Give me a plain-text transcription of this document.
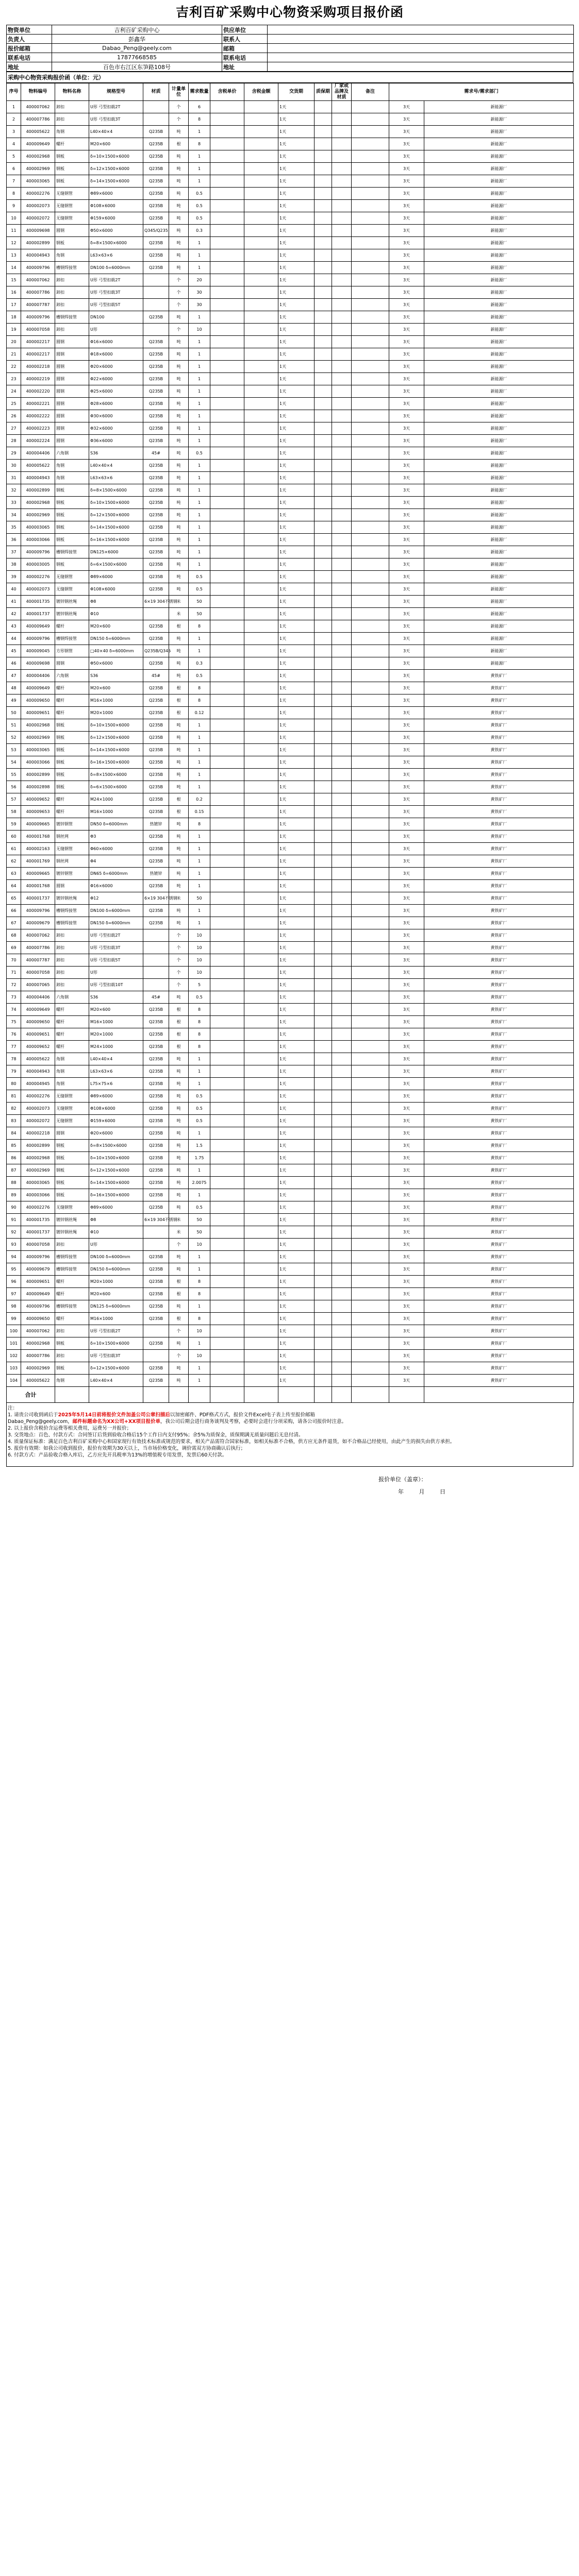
吉利百矿采购中心物资采购项目报价函
物资单位	吉利百矿采购中心	供应单位	
负责人	彭鑫华	联系人	
报价邮箱	Dabao_Peng@geely.com	邮箱	
联系电话	17877668585	联系电话	
地址	百色市右江区东笋路108号	地址	
采购中心物资采购报价函（单位：元）
序号	物料编号	物料名称	规格型号	材质	计量单位	需求数量	含税单价	含税金额	交货期	质保期	厂家或品牌及材质	备注	需求号/需求部门	
1	400007062	卸扣	U形 弓型扣载2T		个	6			1天				3天	新能源厂
2	400007786	卸扣	U形 弓型扣载3T		个	8			1天				3天	新能源厂
3	400005622	角钢	L40×40×4	Q235B	吨	1			1天				3天	新能源厂
4	400009649	螺杆	M20×600	Q235B	根	8			1天				3天	新能源厂
5	400002968	钢板	δ=10×1500×6000	Q235B	吨	1			1天				3天	新能源厂
6	400002969	钢板	δ=12×1500×6000	Q235B	吨	1			1天				3天	新能源厂
7	400003065	钢板	δ=14×1500×6000	Q235B	吨	1			1天				3天	新能源厂
8	400002276	无缝钢管	Φ89×6000	Q235B	吨	0.5			1天				3天	新能源厂
9	400002073	无缝钢管	Φ108×6000	Q235B	吨	0.5			1天				3天	新能源厂
10	400002072	无缝钢管	Φ159×6000	Q235B	吨	0.5			1天				3天	新能源厂
11	400009698	圆钢	Φ50×6000	Q345/Q235	吨	0.3			1天				3天	新能源厂
12	400002899	钢板	δ=8×1500×6000	Q235B	吨	1			1天				3天	新能源厂
13	400004943	角钢	L63×63×6	Q235B	吨	1			1天				3天	新能源厂
14	400009796	槽钢焊接管	DN100 δ=6000mm	Q235B	吨	1			1天				3天	新能源厂
15	400007062	卸扣	U形 弓型扣载2T		个	20			1天				3天	新能源厂
16	400007786	卸扣	U形 弓型扣载3T		个	30			1天				3天	新能源厂
17	400007787	卸扣	U形 弓型扣载5T		个	30			1天				3天	新能源厂
18	400009796	槽钢焊接管	DN100	Q235B	吨	1			1天				3天	新能源厂
19	400007058	卸扣	U形		个	10			1天				3天	新能源厂
20	400002217	圆钢	Φ16×6000	Q235B	吨	1			1天				3天	新能源厂
21	400002217	圆钢	Φ18×6000	Q235B	吨	1			1天				3天	新能源厂
22	400002218	圆钢	Φ20×6000	Q235B	吨	1			1天				3天	新能源厂
23	400002219	圆钢	Φ22×6000	Q235B	吨	1			1天				3天	新能源厂
24	400002220	圆钢	Φ25×6000	Q235B	吨	1			1天				3天	新能源厂
25	400002221	圆钢	Φ28×6000	Q235B	吨	1			1天				3天	新能源厂
26	400002222	圆钢	Φ30×6000	Q235B	吨	1			1天				3天	新能源厂
27	400002223	圆钢	Φ32×6000	Q235B	吨	1			1天				3天	新能源厂
28	400002224	圆钢	Φ36×6000	Q235B	吨	1			1天				3天	新能源厂
29	400004406	六角钢	S36	45#	吨	0.5			1天				3天	新能源厂
30	400005622	角钢	L40×40×4	Q235B	吨	1			1天				3天	新能源厂
31	400004943	角钢	L63×63×6	Q235B	吨	1			1天				3天	新能源厂
32	400002899	钢板	δ=8×1500×6000	Q235B	吨	1			1天				3天	新能源厂
33	400002968	钢板	δ=10×1500×6000	Q235B	吨	1			1天				3天	新能源厂
34	400002969	钢板	δ=12×1500×6000	Q235B	吨	1			1天				3天	新能源厂
35	400003065	钢板	δ=14×1500×6000	Q235B	吨	1			1天				3天	新能源厂
36	400003066	钢板	δ=16×1500×6000	Q235B	吨	1			1天				3天	新能源厂
37	400009796	槽钢焊接管	DN125×6000	Q235B	吨	1			1天				3天	新能源厂
38	400003005	钢板	δ=6×1500×6000	Q235B	吨	1			1天				3天	新能源厂
39	400002276	无缝钢管	Φ89×6000	Q235B	吨	0.5			1天				3天	新能源厂
40	400002073	无缝钢管	Φ108×6000	Q235B	吨	0.5			1天				3天	新能源厂
41	400001735	镀锌钢丝绳	Φ8	6×19 304不锈钢	米	50			1天				3天	新能源厂
42	400001737	镀锌钢丝绳	Φ10		米	50			1天				3天	新能源厂
43	400009649	螺杆	M20×600	Q235B	根	8			1天				3天	新能源厂
44	400009796	槽钢焊接管	DN150 δ=6000mm	Q235B	吨	1			1天				3天	新能源厂
45	400009045	方形钢管	□40×40 δ=6000mm	Q235B/Q345	吨	1			1天				3天	新能源厂
46	400009698	圆钢	Φ50×6000	Q235B	吨	0.3			1天				3天	新能源厂
47	400004406	六角钢	S36	45#	吨	0.5			1天				3天	黄铁矿厂
48	400009649	螺杆	M20×600	Q235B	根	8			1天				3天	黄铁矿厂
49	400009650	螺杆	M16×1000	Q235B	根	8			1天				3天	黄铁矿厂
50	400009651	螺杆	M20×1000	Q235B	根	0.12			1天				3天	黄铁矿厂
51	400002968	钢板	δ=10×1500×6000	Q235B	吨	1			1天				3天	黄铁矿厂
52	400002969	钢板	δ=12×1500×6000	Q235B	吨	1			1天				3天	黄铁矿厂
53	400003065	钢板	δ=14×1500×6000	Q235B	吨	1			1天				3天	黄铁矿厂
54	400003066	钢板	δ=16×1500×6000	Q235B	吨	1			1天				3天	黄铁矿厂
55	400002899	钢板	δ=8×1500×6000	Q235B	吨	1			1天				3天	黄铁矿厂
56	400002898	钢板	δ=6×1500×6000	Q235B	吨	1			1天				3天	黄铁矿厂
57	400009652	螺杆	M24×1000	Q235B	根	0.2			1天				3天	黄铁矿厂
58	400009653	螺杆	M16×1000	Q235B	根	0.15			1天				3天	黄铁矿厂
59	400009665	镀锌钢管	DN50 δ=6000mm	热镀锌	吨	8			1天				3天	黄铁矿厂
60	400001768	钢丝网	Φ3	Q235B	吨	1			1天				3天	黄铁矿厂
61	400002163	无缝钢管	Φ60×6000	Q235B	吨	1			1天				3天	黄铁矿厂
62	400001769	钢丝网	Φ4	Q235B	吨	1			1天				3天	黄铁矿厂
63	400009665	镀锌钢管	DN65 δ=6000mm	热镀锌	吨	1			1天				3天	黄铁矿厂
64	400001768	圆钢	Φ16×6000	Q235B	吨	1			1天				3天	黄铁矿厂
65	400001737	镀锌钢丝绳	Φ12	6×19 304不锈钢	米	50			1天				3天	黄铁矿厂
66	400009796	槽钢焊接管	DN100 δ=6000mm	Q235B	吨	1			1天				3天	黄铁矿厂
67	400009679	槽钢焊接管	DN150 δ=6000mm	Q235B	吨	1			1天				3天	黄铁矿厂
68	400007062	卸扣	U形 弓型扣载2T		个	10			1天				3天	黄铁矿厂
69	400007786	卸扣	U形 弓型扣载3T		个	10			1天				3天	黄铁矿厂
70	400007787	卸扣	U形 弓型扣载5T		个	10			1天				3天	黄铁矿厂
71	400007058	卸扣	U形		个	10			1天				3天	黄铁矿厂
72	400007065	卸扣	U形 弓型扣载10T		个	5			1天				3天	黄铁矿厂
73	400004406	六角钢	S36	45#	吨	0.5			1天				3天	黄铁矿厂
74	400009649	螺杆	M20×600	Q235B	根	8			1天				3天	黄铁矿厂
75	400009650	螺杆	M16×1000	Q235B	根	8			1天				3天	黄铁矿厂
76	400009651	螺杆	M20×1000	Q235B	根	8			1天				3天	黄铁矿厂
77	400009652	螺杆	M24×1000	Q235B	根	8			1天				3天	黄铁矿厂
78	400005622	角钢	L40×40×4	Q235B	吨	1			1天				3天	黄铁矿厂
79	400004943	角钢	L63×63×6	Q235B	吨	1			1天				3天	黄铁矿厂
80	400004945	角钢	L75×75×6	Q235B	吨	1			1天				3天	黄铁矿厂
81	400002276	无缝钢管	Φ89×6000	Q235B	吨	0.5			1天				3天	黄铁矿厂
82	400002073	无缝钢管	Φ108×6000	Q235B	吨	0.5			1天				3天	黄铁矿厂
83	400002072	无缝钢管	Φ159×6000	Q235B	吨	0.5			1天				3天	黄铁矿厂
84	400002218	圆钢	Φ20×6000	Q235B	吨	1			1天				3天	黄铁矿厂
85	400002899	钢板	δ=8×1500×6000	Q235B	吨	1.5			1天				3天	黄铁矿厂
86	400002968	钢板	δ=10×1500×6000	Q235B	吨	1.75			1天				3天	黄铁矿厂
87	400002969	钢板	δ=12×1500×6000	Q235B	吨	1			1天				3天	黄铁矿厂
88	400003065	钢板	δ=14×1500×6000	Q235B	吨	2.0075			1天				3天	黄铁矿厂
89	400003066	钢板	δ=16×1500×6000	Q235B	吨	1			1天				3天	黄铁矿厂
90	400002276	无缝钢管	Φ89×6000	Q235B	吨	0.5			1天				3天	黄铁矿厂
91	400001735	镀锌钢丝绳	Φ8	6×19 304不锈钢	米	50			1天				3天	黄铁矿厂
92	400001737	镀锌钢丝绳	Φ10		米	50			1天				3天	黄铁矿厂
93	400007058	卸扣	U形		个	10			1天				3天	黄铁矿厂
94	400009796	槽钢焊接管	DN100 δ=6000mm	Q235B	吨	1			1天				3天	黄铁矿厂
95	400009679	槽钢焊接管	DN150 δ=6000mm	Q235B	吨	1			1天				3天	黄铁矿厂
96	400009651	螺杆	M20×1000	Q235B	根	8			1天				3天	黄铁矿厂
97	400009649	螺杆	M20×600	Q235B	根	8			1天				3天	黄铁矿厂
98	400009796	槽钢焊接管	DN125 δ=6000mm	Q235B	吨	1			1天				3天	黄铁矿厂
99	400009650	螺杆	M16×1000	Q235B	根	8			1天				3天	黄铁矿厂
100	400007062	卸扣	U形 弓型扣载2T		个	10			1天				3天	黄铁矿厂
101	400002968	钢板	δ=10×1500×6000	Q235B	吨	1			1天				3天	黄铁矿厂
102	400007786	卸扣	U形 弓型扣载3T		个	10			1天				3天	黄铁矿厂
103	400002969	钢板	δ=12×1500×6000	Q235B	吨	1			1天				3天	黄铁矿厂
104	400005622	角钢	L40×40×4	Q235B	吨	1			1天				3天	黄铁矿厂
合计														
注：
1. 请贵公司收到函后于2025年5月14日前将报价文件加盖公司公章扫描后以加密邮件、PDF格式方式，报价文件Excel电子表上传至报价邮箱
Dabao_Peng@geely.com，邮件标题命名为XX公司+XX项目报价单，我公司后期会进行商务谈判及考察，必要时会进行分项采购，请各公司报价时注意。
2. 以上报价含税价含运费等相关费用，运费另一并报价；
3. 交货地点：百色、付款方式：合同签订后货到验收合格后15个工作日内支付95%；余5%为质保金，质保期满无质量问题后无息付清。
4. 质量保证标准：满足百色吉利百矿采购中心和国家现行有效技术标准或规范的要求，相关产品需符合国家标准，如相关标准不合格，供方应无条件退货，如不合格品已经使用，由此产生的损失由供方承担。
5. 报价有效期：如我公司收到报价，报价有效期为30天以上，当市场价格变化，调价需双方协商确认后执行；
6. 付款方式：产品验收合格入库后，乙方应先开具税率为13%的增值税专用发票，发票后60天付款。
报价单位（盖章）：
年	月	日
